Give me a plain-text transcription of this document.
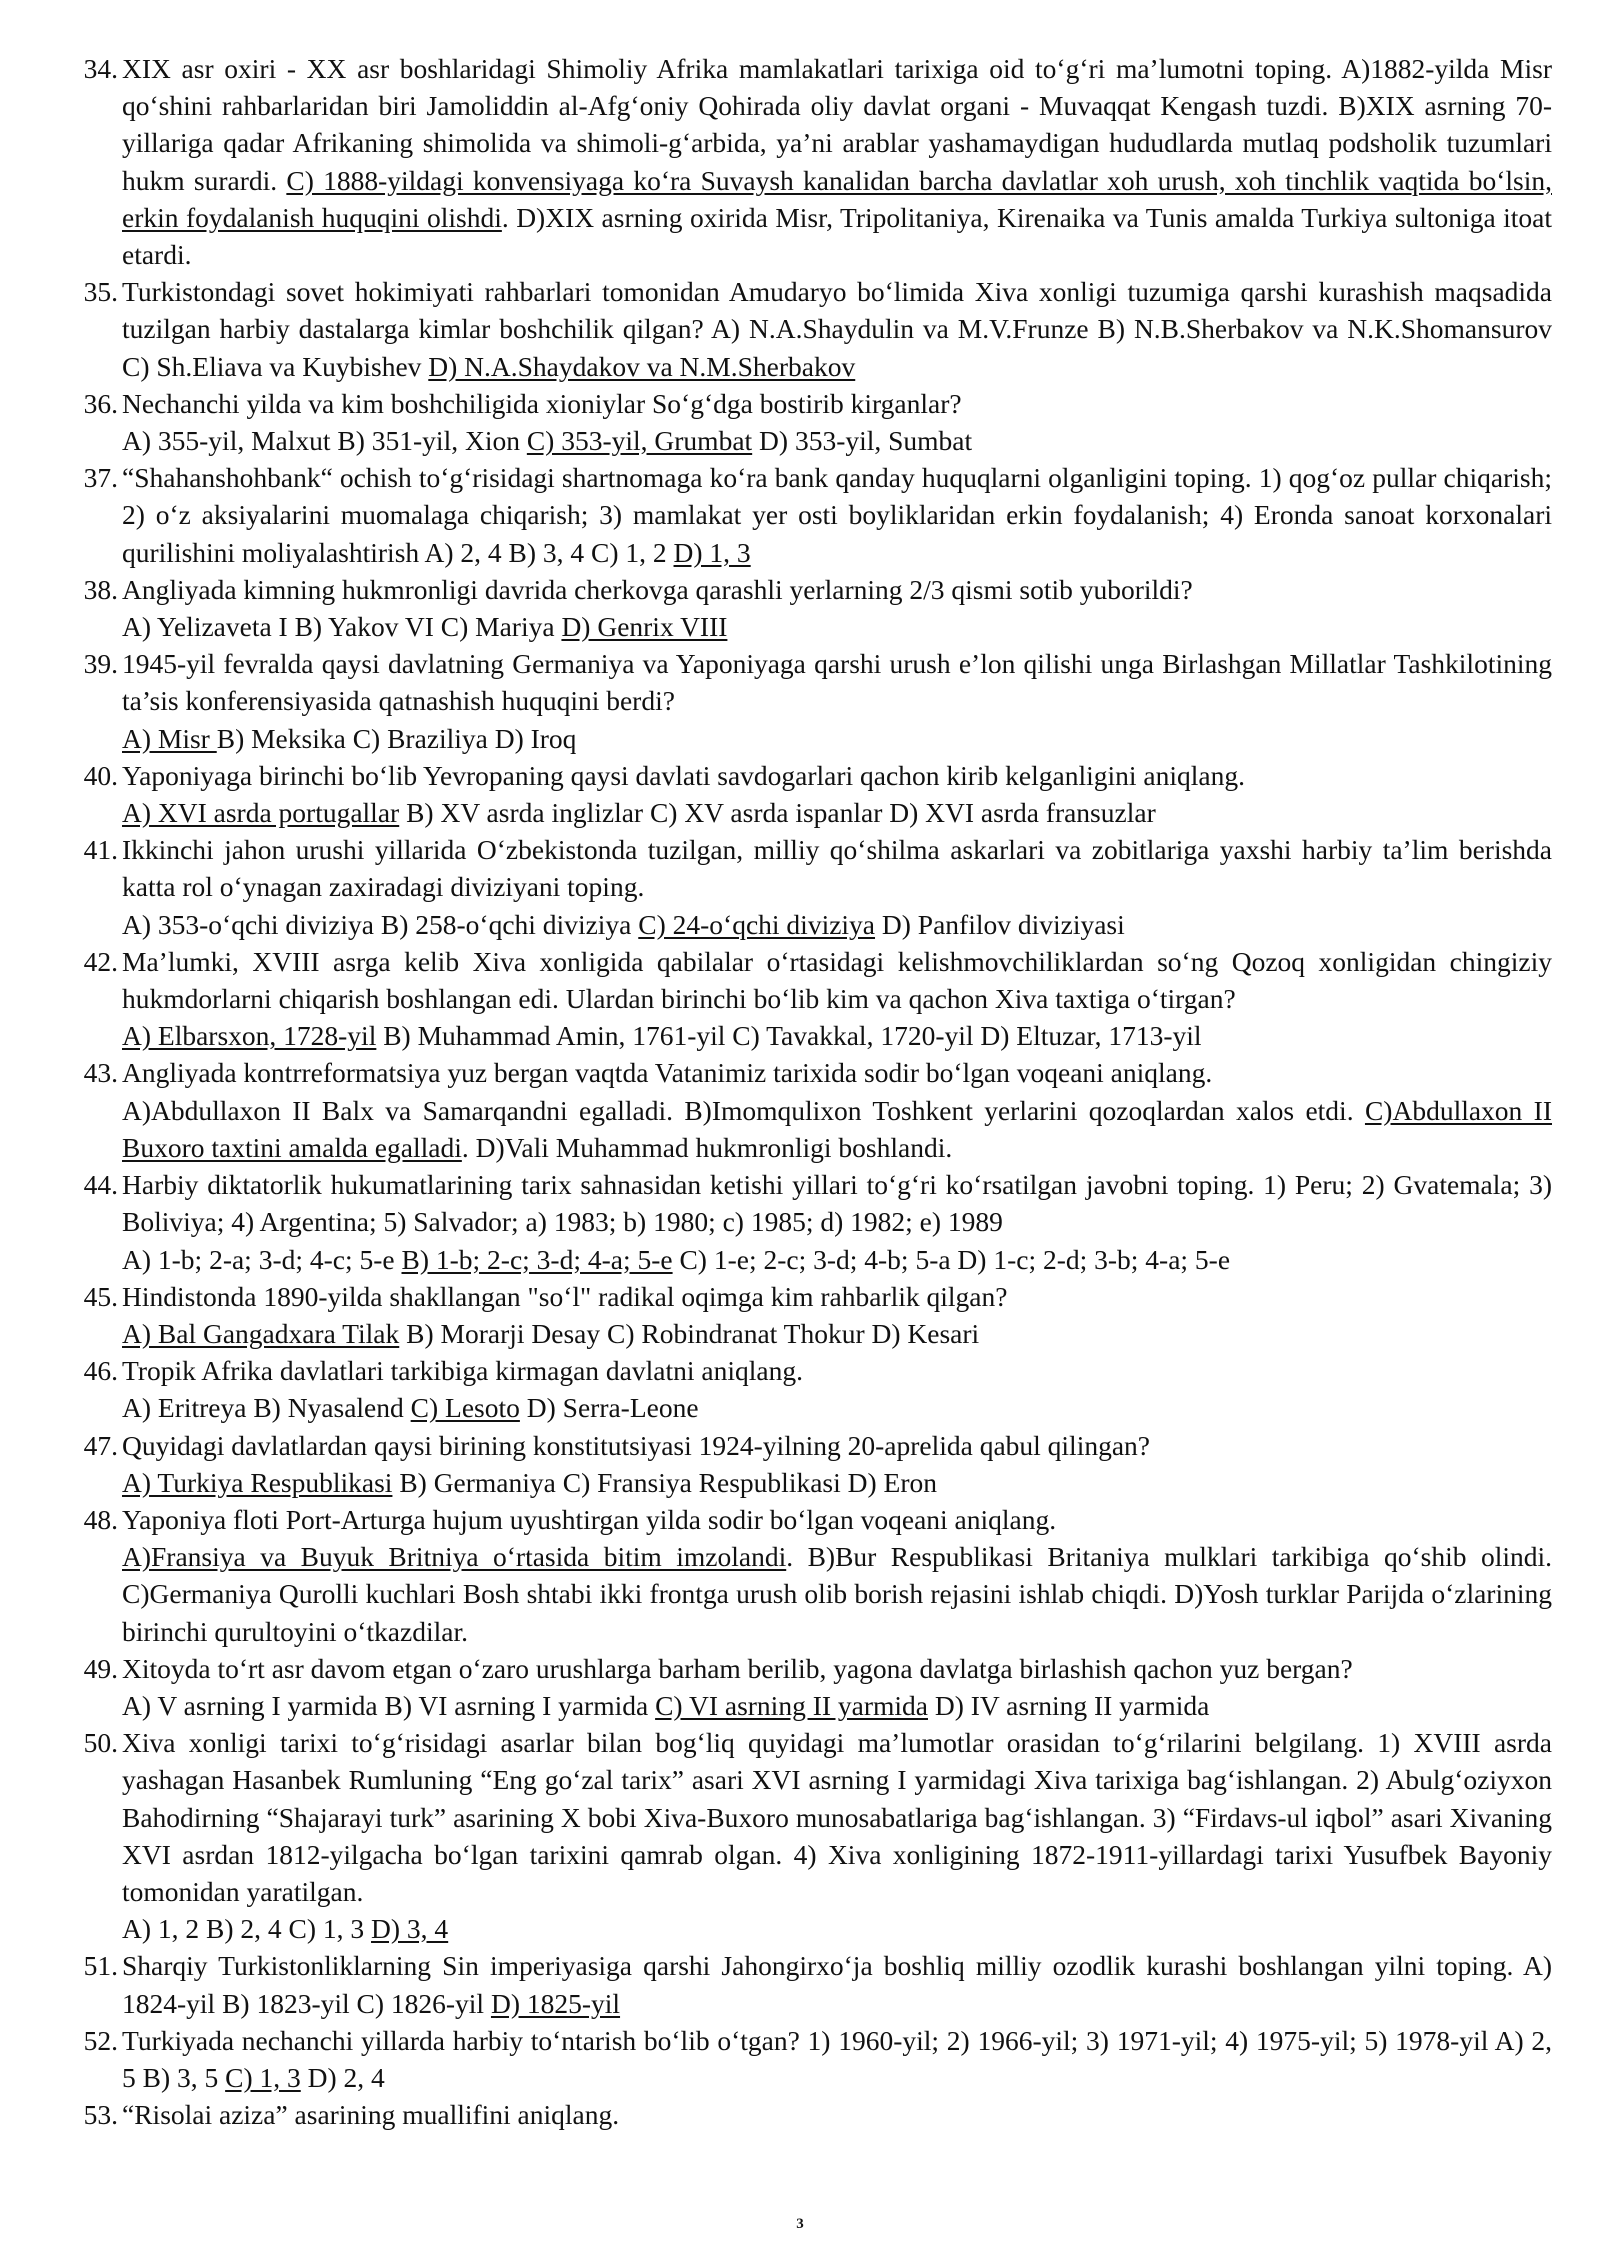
34. XIX asr oxiri - XX asr boshlaridagi Shimoliy Afrika mamlakatlari tarixiga oid to‘g‘ri ma’lumotni toping. A)1882-yilda Misr qo‘shini rahbarlaridan biri Jamoliddin al-Afg‘oniy Qohirada oliy davlat organi - Muvaqqat Kengash tuzdi. B)XIX asrning 70-yillariga qadar Afrikaning shimolida va shimoli-g‘arbida, ya’ni arablar yashamaydigan hududlarda mutlaq podsholik tuzumlari hukm surardi. C) 1888-yildagi konvensiyaga ko‘ra Suvaysh kanalidan barcha davlatlar xoh urush, xoh tinchlik vaqtida bo‘lsin, erkin foydalanish huquqini olishdi. D)XIX asrning oxirida Misr, Tripolitaniya, Kirenaika va Tunis amalda Turkiya sultoniga itoat etardi.
35. Turkistondagi sovet hokimiyati rahbarlari tomonidan Amudaryo bo‘limida Xiva xonligi tuzumiga qarshi kurashish maqsadida tuzilgan harbiy dastalarga kimlar boshchilik qilgan? A) N.A.Shaydulin va M.V.Frunze B) N.B.Sherbakov va N.K.Shomansurov C) Sh.Eliava va Kuybishev D) N.A.Shaydakov va N.M.Sherbakov
36. Nechanchi yilda va kim boshchiligida xioniylar So‘g‘dga bostirib kirganlar?
A) 355-yil, Malxut B) 351-yil, Xion C) 353-yil, Grumbat D) 353-yil, Sumbat
37. “Shahanshohbank“ ochish to‘g‘risidagi shartnomaga ko‘ra bank qanday huquqlarni olganligini toping. 1) qog‘oz pullar chiqarish; 2) o‘z aksiyalarini muomalaga chiqarish; 3) mamlakat yer osti boyliklaridan erkin foydalanish; 4) Eronda sanoat korxonalari qurilishini moliyalashtirish A) 2, 4 B) 3, 4 C) 1, 2 D) 1, 3
38. Angliyada kimning hukmronligi davrida cherkovga qarashli yerlarning 2/3 qismi sotib yuborildi?
A) Yelizaveta I B) Yakov VI C) Mariya D) Genrix VIII
39. 1945-yil fevralda qaysi davlatning Germaniya va Yaponiyaga qarshi urush e’lon qilishi unga Birlashgan Millatlar Tashkilotining ta’sis konferensiyasida qatnashish huquqini berdi?
A) Misr B) Meksika C) Braziliya D) Iroq
40. Yaponiyaga birinchi bo‘lib Yevropaning qaysi davlati savdogarlari qachon kirib kelganligini aniqlang.
A) XVI asrda portugallar B) XV asrda inglizlar C) XV asrda ispanlar D) XVI asrda fransuzlar
41. Ikkinchi jahon urushi yillarida O‘zbekistonda tuzilgan, milliy qo‘shilma askarlari va zobitlariga yaxshi harbiy ta’lim berishda katta rol o‘ynagan zaxiradagi diviziyani toping.
A) 353-o‘qchi diviziya B) 258-o‘qchi diviziya C) 24-o‘qchi diviziya D) Panfilov diviziyasi
42. Ma’lumki, XVIII asrga kelib Xiva xonligida qabilalar o‘rtasidagi kelishmovchiliklardan so‘ng Qozoq xonligidan chingiziy hukmdorlarni chiqarish boshlangan edi. Ulardan birinchi bo‘lib kim va qachon Xiva taxtiga o‘tirgan?
A) Elbarsxon, 1728-yil B) Muhammad Amin, 1761-yil C) Tavakkal, 1720-yil D) Eltuzar, 1713-yil
43. Angliyada kontrreformatsiya yuz bergan vaqtda Vatanimiz tarixida sodir bo‘lgan voqeani aniqlang.
A)Abdullaxon II Balx va Samarqandni egalladi. B)Imomqulixon Toshkent yerlarini qozoqlardan xalos etdi. C)Abdullaxon II Buxoro taxtini amalda egalladi. D)Vali Muhammad hukmronligi boshlandi.
44. Harbiy diktatorlik hukumatlarining tarix sahnasidan ketishi yillari to‘g‘ri ko‘rsatilgan javobni toping. 1) Peru; 2) Gvatemala; 3) Boliviya; 4) Argentina; 5) Salvador; a) 1983; b) 1980; c) 1985; d) 1982; e) 1989
A) 1-b; 2-a; 3-d; 4-c; 5-e B) 1-b; 2-c; 3-d; 4-a; 5-e C) 1-e; 2-c; 3-d; 4-b; 5-a D) 1-c; 2-d; 3-b; 4-a; 5-e
45. Hindistonda 1890-yilda shakllangan "so‘l" radikal oqimga kim rahbarlik qilgan?
A) Bal Gangadxara Tilak B) Morarji Desay C) Robindranat Thokur D) Kesari
46. Tropik Afrika davlatlari tarkibiga kirmagan davlatni aniqlang.
A) Eritreya B) Nyasalend C) Lesoto D) Serra-Leone
47. Quyidagi davlatlardan qaysi birining konstitutsiyasi 1924-yilning 20-aprelida qabul qilingan?
A) Turkiya Respublikasi B) Germaniya C) Fransiya Respublikasi D) Eron
48. Yaponiya floti Port-Arturga hujum uyushtirgan yilda sodir bo‘lgan voqeani aniqlang.
A)Fransiya va Buyuk Britniya o‘rtasida bitim imzolandi. B)Bur Respublikasi Britaniya mulklari tarkibiga qo‘shib olindi. C)Germaniya Qurolli kuchlari Bosh shtabi ikki frontga urush olib borish rejasini ishlab chiqdi. D)Yosh turklar Parijda o‘zlarining birinchi qurultoyini o‘tkazdilar.
49. Xitoyda to‘rt asr davom etgan o‘zaro urushlarga barham berilib, yagona davlatga birlashish qachon yuz bergan?
A) V asrning I yarmida B) VI asrning I yarmida C) VI asrning II yarmida D) IV asrning II yarmida
50. Xiva xonligi tarixi to‘g‘risidagi asarlar bilan bog‘liq quyidagi ma’lumotlar orasidan to‘g‘rilarini belgilang. 1) XVIII asrda yashagan Hasanbek Rumluning “Eng go‘zal tarix” asari XVI asrning I yarmidagi Xiva tarixiga bag‘ishlangan. 2) Abulg‘oziyxon Bahodirning “Shajarayi turk” asarining X bobi Xiva-Buxoro munosabatlariga bag‘ishlangan. 3) “Firdavs-ul iqbol” asari Xivaning XVI asrdan 1812-yilgacha bo‘lgan tarixini qamrab olgan. 4) Xiva xonligining 1872-1911-yillardagi tarixi Yusufbek Bayoniy tomonidan yaratilgan.
A) 1, 2 B) 2, 4 C) 1, 3 D) 3, 4
51. Sharqiy Turkistonliklarning Sin imperiyasiga qarshi Jahongirxo‘ja boshliq milliy ozodlik kurashi boshlangan yilni toping. A) 1824-yil B) 1823-yil C) 1826-yil D) 1825-yil
52. Turkiyada nechanchi yillarda harbiy to‘ntarish bo‘lib o‘tgan? 1) 1960-yil; 2) 1966-yil; 3) 1971-yil; 4) 1975-yil; 5) 1978-yil A) 2, 5 B) 3, 5 C) 1, 3 D) 2, 4
53. “Risolai aziza” asarining muallifini aniqlang.
3
